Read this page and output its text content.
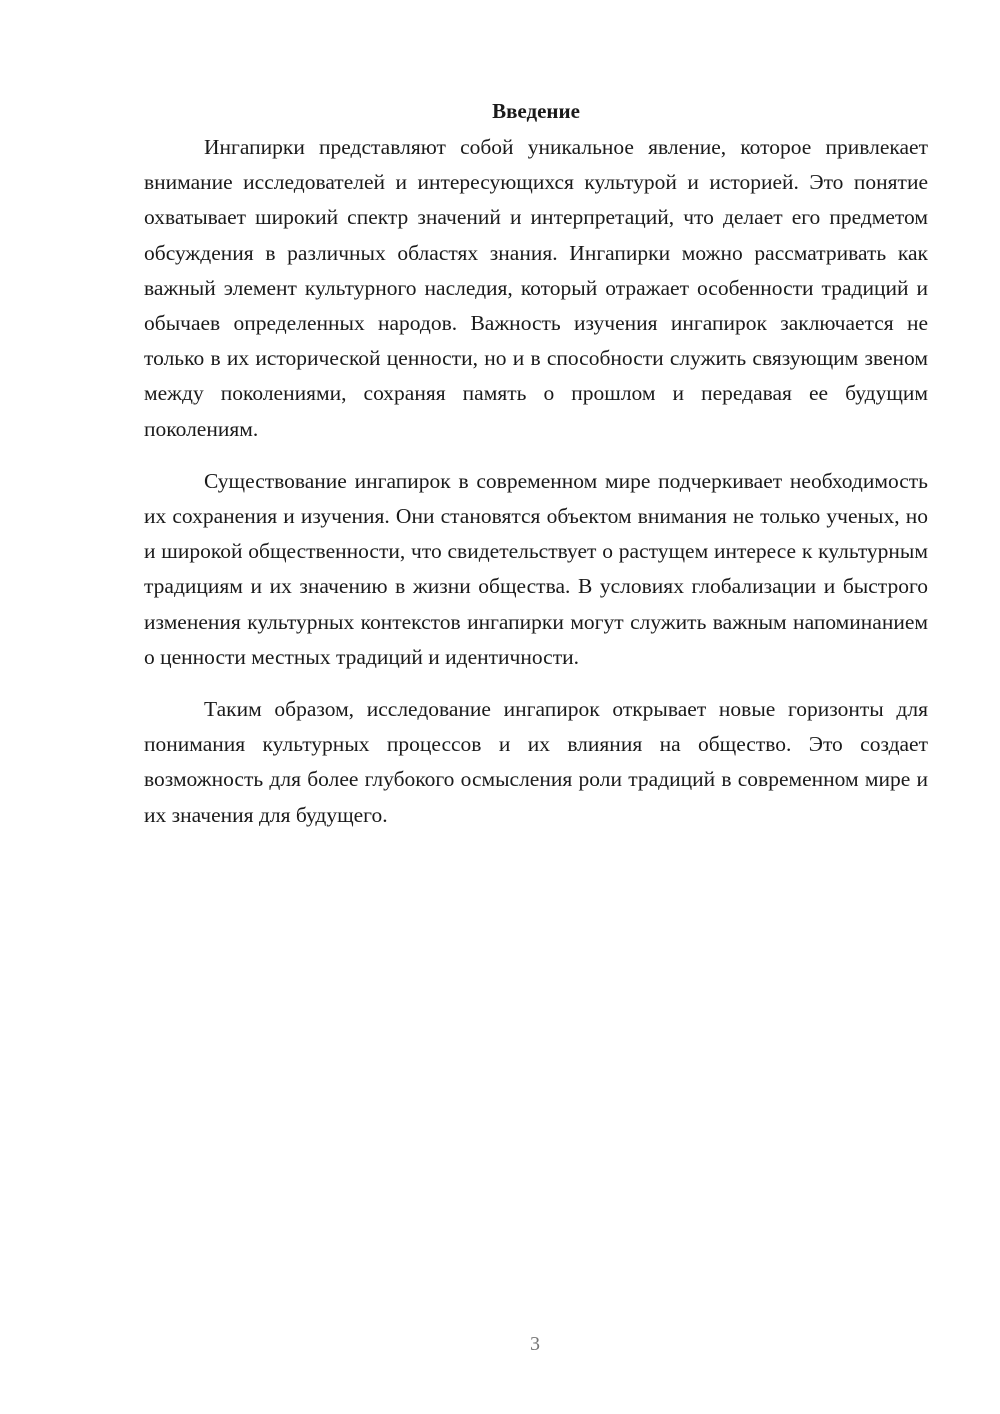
Введение

Ингапирки представляют собой уникальное явление, которое привлекает внимание исследователей и интересующихся культурой и историей. Это понятие охватывает широкий спектр значений и интерпретаций, что делает его предметом обсуждения в различных областях знания. Ингапирки можно рассматривать как важный элемент культурного наследия, который отражает особенности традиций и обычаев определенных народов. Важность изучения ингапирок заключается не только в их исторической ценности, но и в способности служить связующим звеном между поколениями, сохраняя память о прошлом и передавая ее будущим поколениям.

Существование ингапирок в современном мире подчеркивает необходимость их сохранения и изучения. Они становятся объектом внимания не только ученых, но и широкой общественности, что свидетельствует о растущем интересе к культурным традициям и их значению в жизни общества. В условиях глобализации и быстрого изменения культурных контекстов ингапирки могут служить важным напоминанием о ценности местных традиций и идентичности.

Таким образом, исследование ингапирок открывает новые горизонты для понимания культурных процессов и их влияния на общество. Это создает возможность для более глубокого осмысления роли традиций в современном мире и их значения для будущего.

3
